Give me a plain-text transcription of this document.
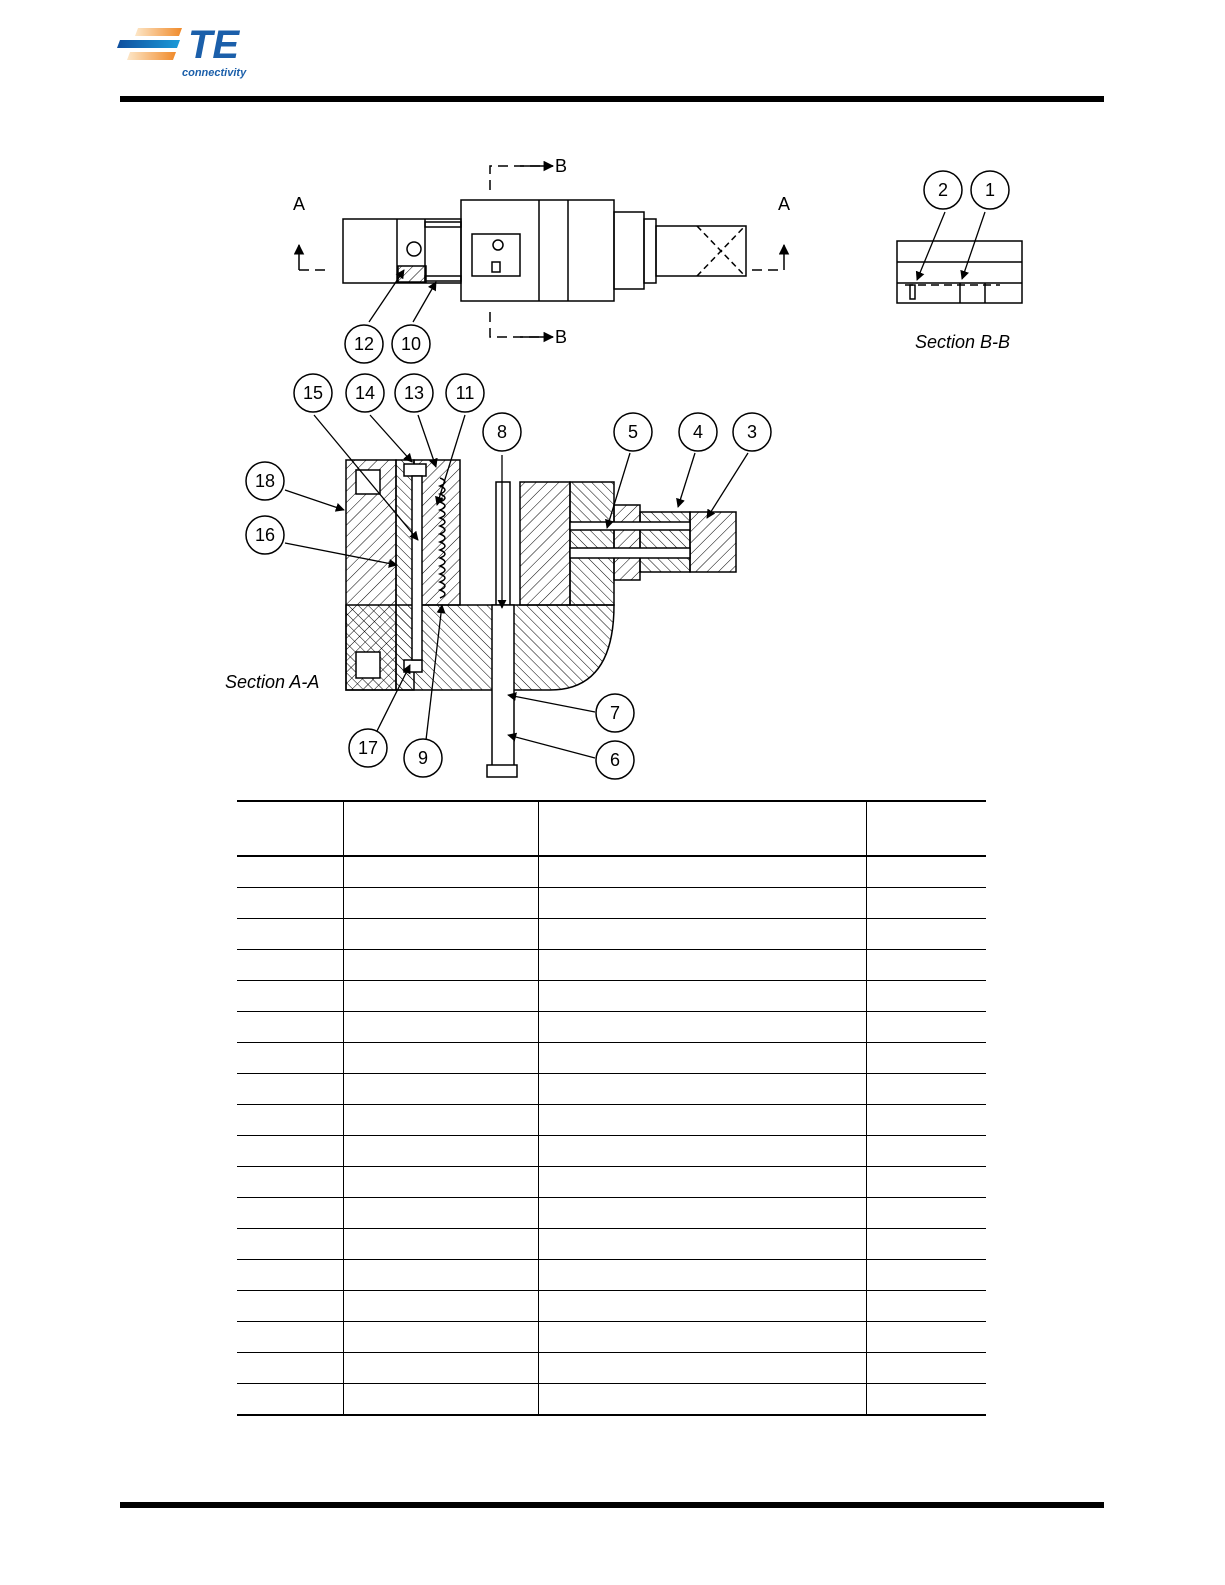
TE
connectivity
A	A
B
B	Section B-B
Section A-A
1
2
3
4
5
6
7
8
9
10
11
12
13
14
15
16
17
18
